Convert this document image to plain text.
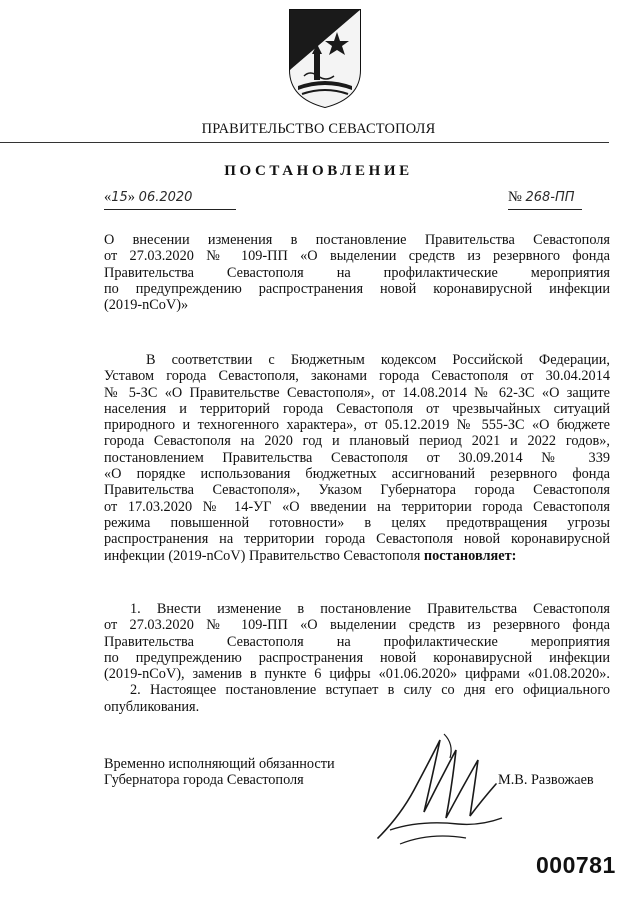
ПРАВИТЕЛЬСТВО СЕВАСТОПОЛЯ
ПОСТАНОВЛЕНИЕ
«15» 06.2020	№ 268-ПП
О внесении изменения в постановление Правительства Севастополя
от 27.03.2020 № 109-ПП «О выделении средств из резервного фонда
Правительства Севастополя на профилактические мероприятия
по предупреждению распространения новой коронавирусной инфекции
(2019-nCoV)»
В соответствии с Бюджетным кодексом Российской Федерации,
Уставом города Севастополя, законами города Севастополя от 30.04.2014
№ 5-ЗС «О Правительстве Севастополя», от 14.08.2014 № 62-ЗС «О защите
населения и территорий города Севастополя от чрезвычайных ситуаций
природного и техногенного характера», от 05.12.2019 № 555-ЗС «О бюджете
города Севастополя на 2020 год и плановый период 2021 и 2022 годов»,
постановлением Правительства Севастополя от 30.09.2014 № 339
«О порядке использования бюджетных ассигнований резервного фонда
Правительства Севастополя», Указом Губернатора города Севастополя
от 17.03.2020 № 14-УГ «О введении на территории города Севастополя
режима повышенной готовности» в целях предотвращения угрозы
распространения на территории города Севастополя новой коронавирусной
инфекции (2019-nCoV) Правительство Севастополя постановляет:
1. Внести изменение в постановление Правительства Севастополя
от 27.03.2020 № 109-ПП «О выделении средств из резервного фонда
Правительства Севастополя на профилактические мероприятия
по предупреждению распространения новой коронавирусной инфекции
(2019-nCoV), заменив в пункте 6 цифры «01.06.2020» цифрами «01.08.2020».
2. Настоящее постановление вступает в силу со дня его официального
опубликования.
Временно исполняющий обязанности
Губернатора города Севастополя	М.В. Развожаев
000781
